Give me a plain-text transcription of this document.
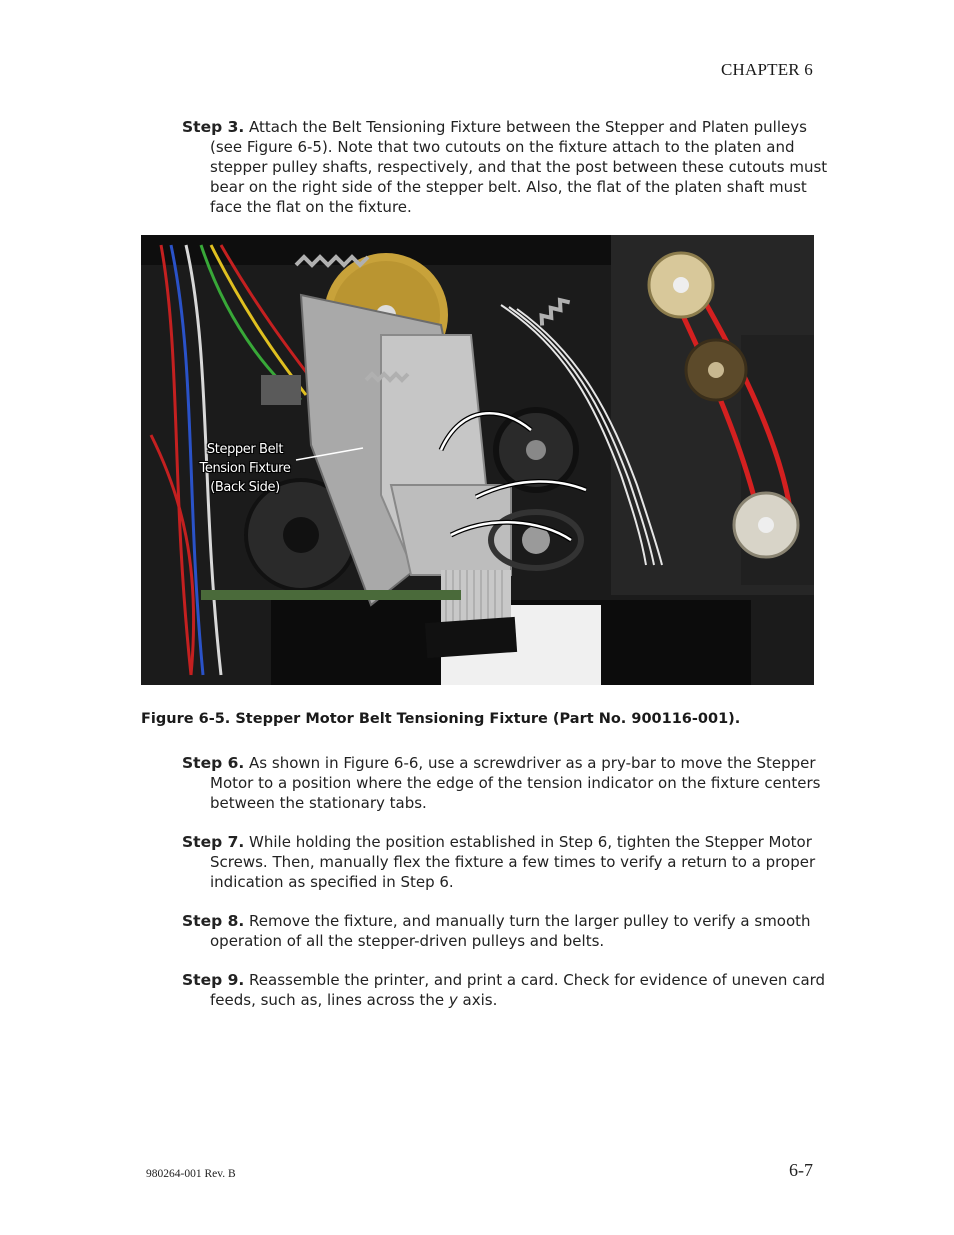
CHAPTER 6

Step 3. Attach the Belt Tensioning Fixture between the Stepper and Platen pulleys (see Figure 6-5). Note that two cutouts on the fixture attach to the platen and stepper pulley shafts, respectively, and that the post between these cutouts must bear on the right side of the stepper belt. Also, the flat of the platen shaft must face the flat on the fixture.

Stepper Belt
Tension Fixture
(Back Side)
Figure 6-5. Stepper Motor Belt Tensioning Fixture (Part No. 900116-001).

Step 6. As shown in Figure 6-6, use a screwdriver as a pry-bar to move the Stepper Motor to a position where the edge of the tension indicator on the fixture centers between the stationary tabs.

Step 7. While holding the position established in Step 6, tighten the Stepper Motor Screws. Then, manually flex the fixture a few times to verify a return to a proper indication as specified in Step 6.

Step 8. Remove the fixture, and manually turn the larger pulley to verify a smooth operation of all the stepper-driven pulleys and belts.

Step 9. Reassemble the printer, and print a card. Check for evidence of uneven card feeds, such as, lines across the y axis.

980264-001 Rev. B	6-7
